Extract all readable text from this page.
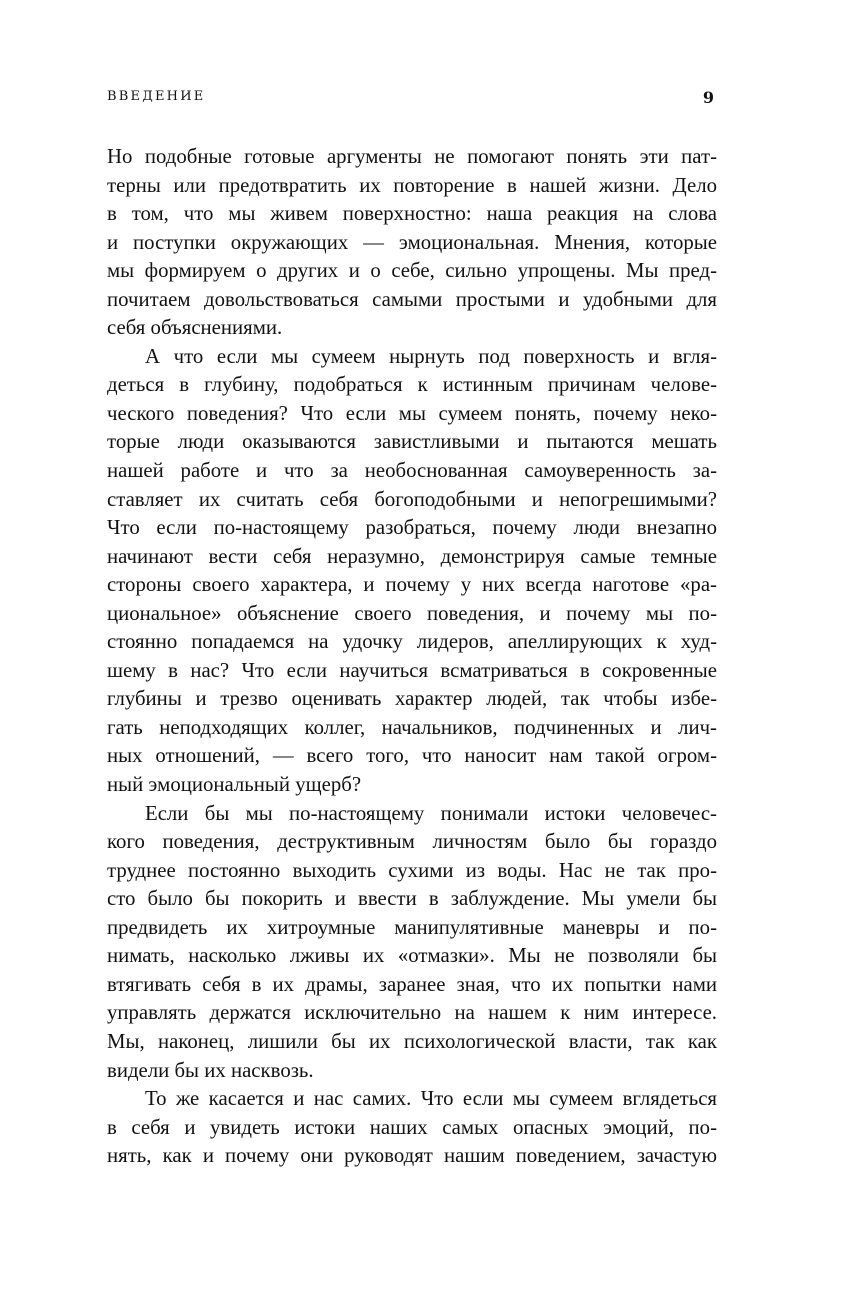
ВВЕДЕНИЕ	9
Но подобные готовые аргументы не помогают понять эти пат-
терны или предотвратить их повторение в нашей жизни. Дело
в том, что мы живем поверхностно: наша реакция на слова
и поступки окружающих — эмоциональная. Мнения, которые
мы формируем о других и о себе, сильно упрощены. Мы пред-
почитаем довольствоваться самыми простыми и удобными для
себя объяснениями.
А что если мы сумеем нырнуть под поверхность и вгля-
деться в глубину, подобраться к истинным причинам челове-
ческого поведения? Что если мы сумеем понять, почему неко-
торые люди оказываются завистливыми и пытаются мешать
нашей работе и что за необоснованная самоуверенность за-
ставляет их считать себя богоподобными и непогрешимыми?
Что если по-настоящему разобраться, почему люди внезапно
начинают вести себя неразумно, демонстрируя самые темные
стороны своего характера, и почему у них всегда наготове «ра-
циональное» объяснение своего поведения, и почему мы по-
стоянно попадаемся на удочку лидеров, апеллирующих к худ-
шему в нас? Что если научиться всматриваться в сокровенные
глубины и трезво оценивать характер людей, так чтобы избе-
гать неподходящих коллег, начальников, подчиненных и лич-
ных отношений, — всего того, что наносит нам такой огром-
ный эмоциональный ущерб?
Если бы мы по-настоящему понимали истоки человечес-
кого поведения, деструктивным личностям было бы гораздо
труднее постоянно выходить сухими из воды. Нас не так про-
сто было бы покорить и ввести в заблуждение. Мы умели бы
предвидеть их хитроумные манипулятивные маневры и по-
нимать, насколько лживы их «отмазки». Мы не позволяли бы
втягивать себя в их драмы, заранее зная, что их попытки нами
управлять держатся исключительно на нашем к ним интересе.
Мы, наконец, лишили бы их психологической власти, так как
видели бы их насквозь.
То же касается и нас самих. Что если мы сумеем вглядеться
в себя и увидеть истоки наших самых опасных эмоций, по-
нять, как и почему они руководят нашим поведением, зачастую
